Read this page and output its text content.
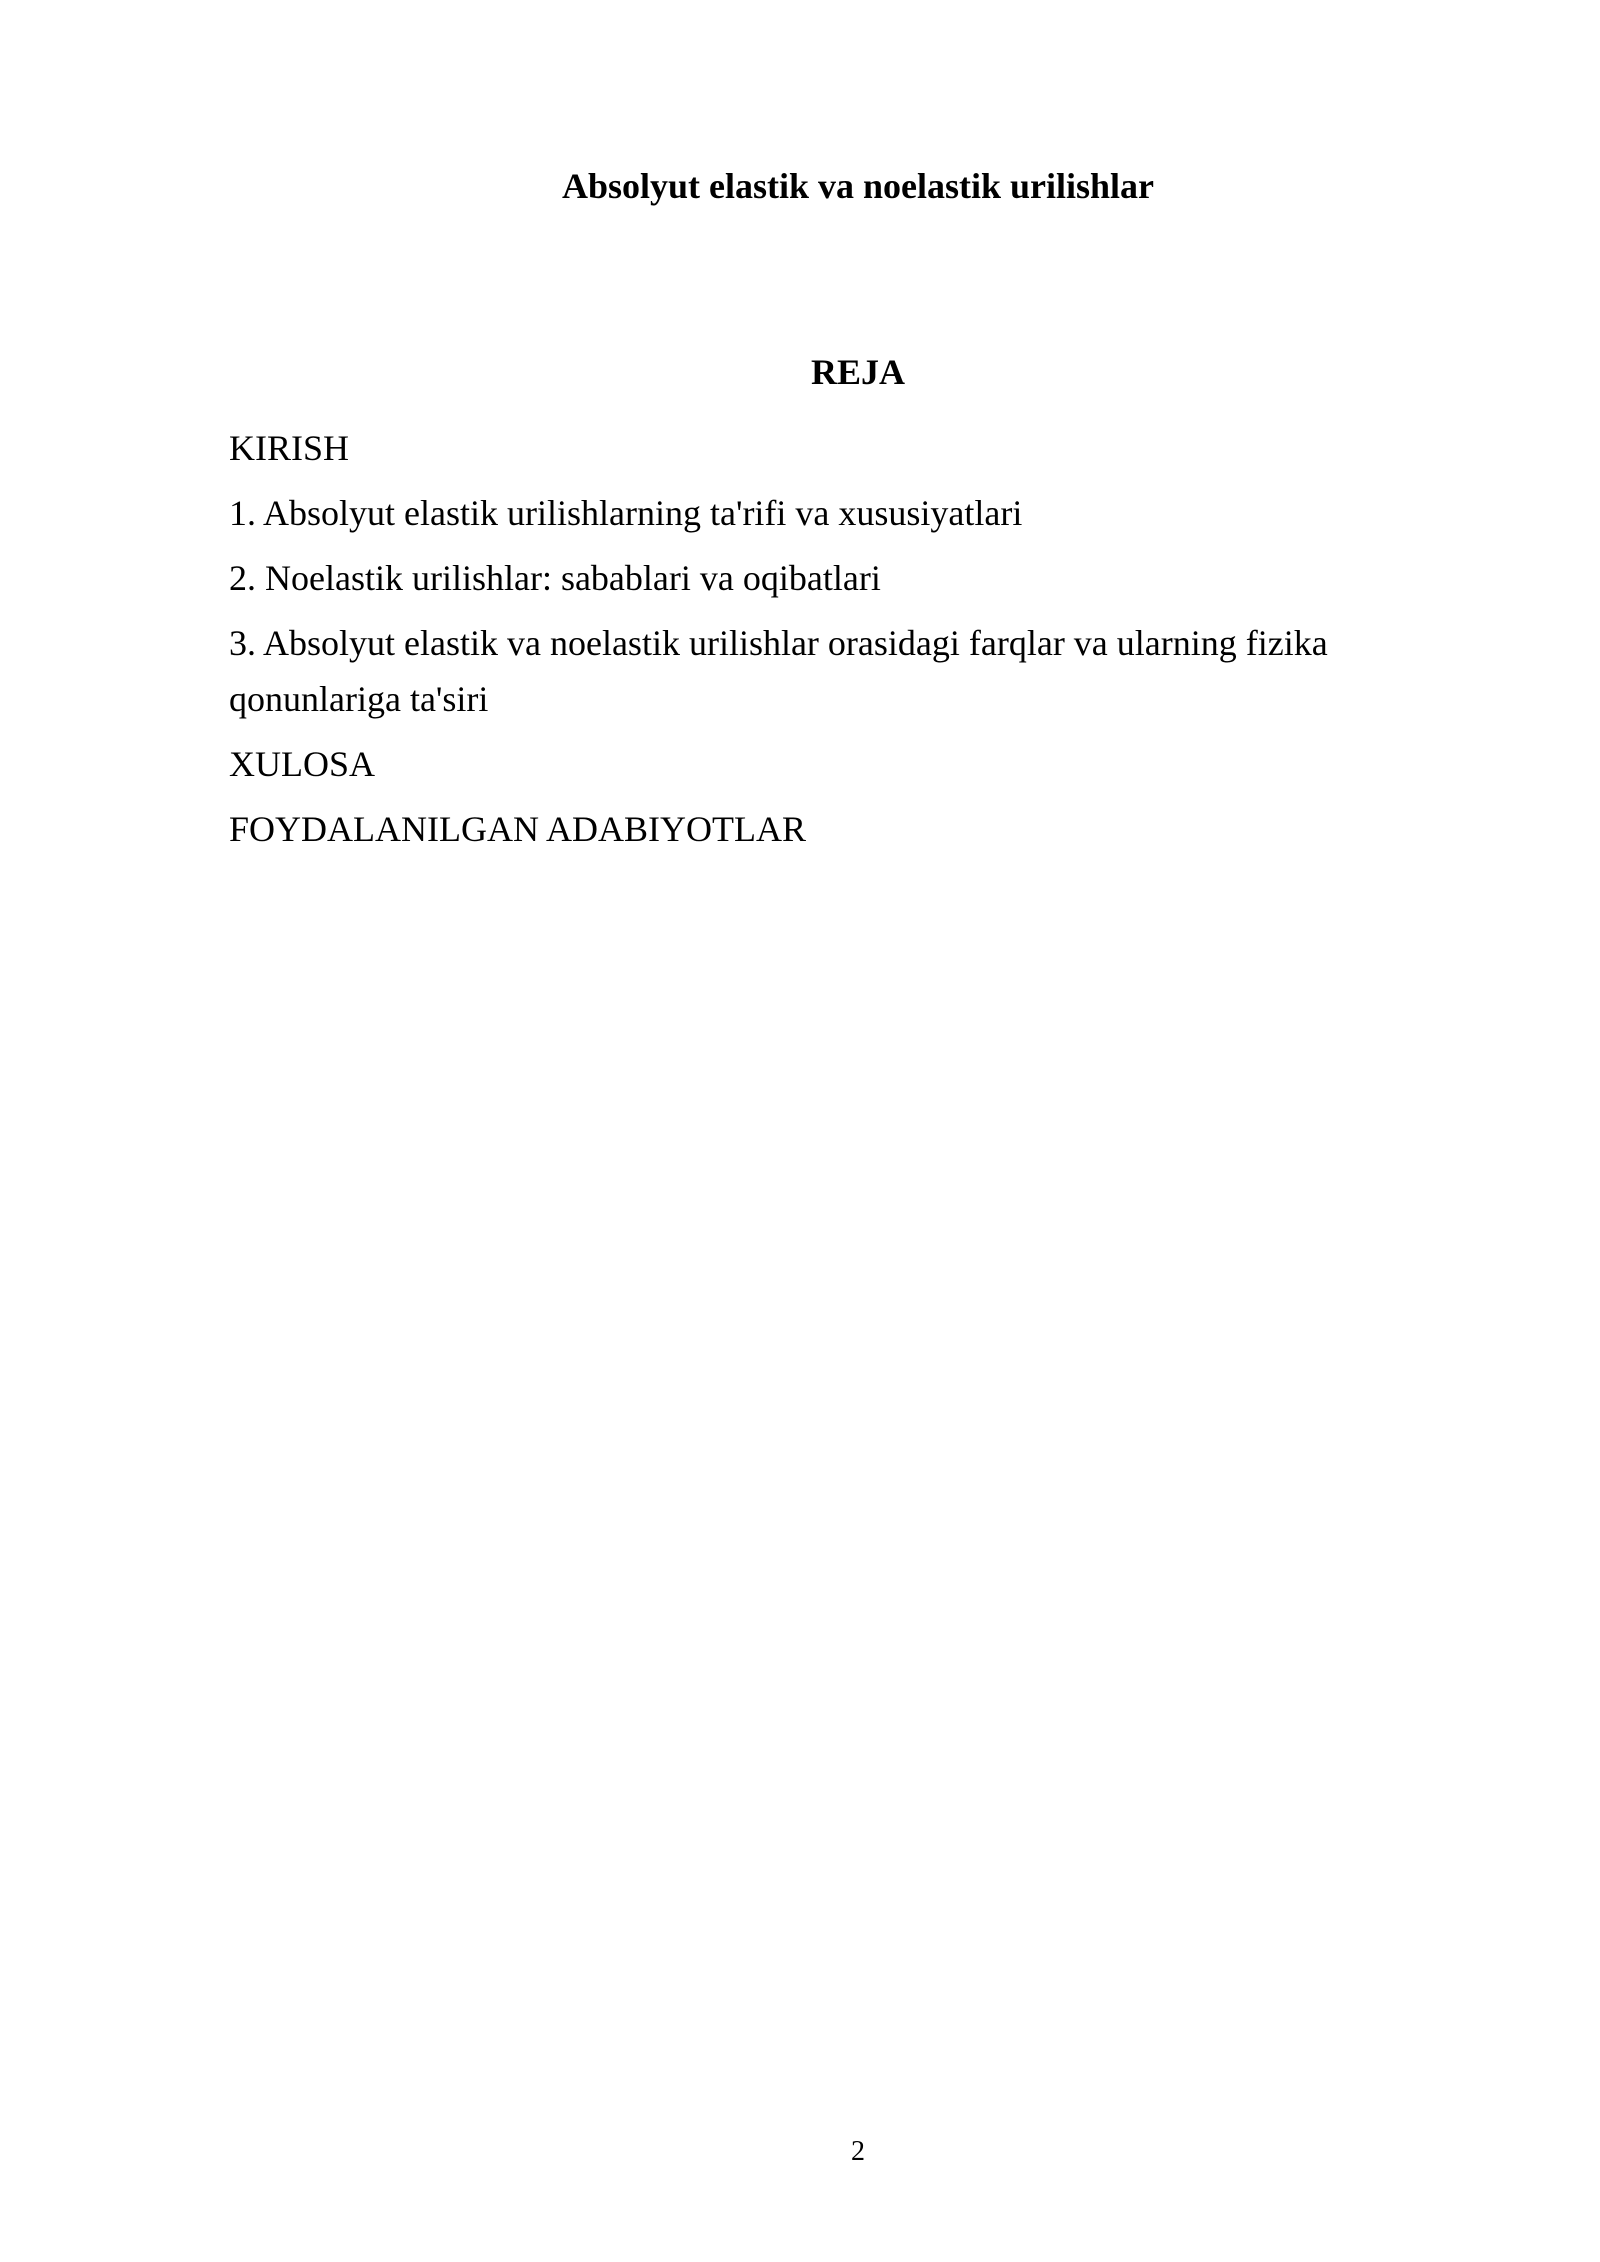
Absolyut elastik va noelastik urilishlar
REJA
KIRISH
1. Absolyut elastik urilishlarning ta'rifi va xususiyatlari
2. Noelastik urilishlar: sabablari va oqibatlari
3. Absolyut elastik va noelastik urilishlar orasidagi farqlar va ularning fizika qonunlariga ta'siri
XULOSA
FOYDALANILGAN ADABIYOTLAR
2
